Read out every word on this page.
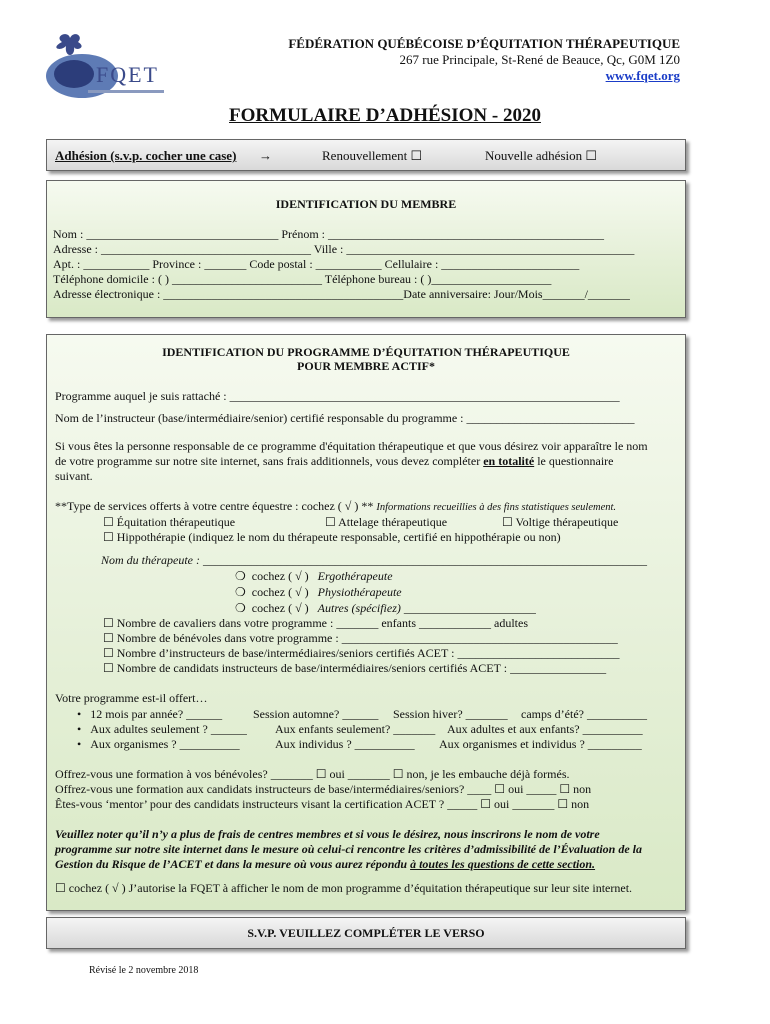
FQET
FÉDÉRATION QUÉBÉCOISE D’ÉQUITATION THÉRAPEUTIQUE
267 rue Principale, St-René de Beauce, Qc, G0M 1Z0
www.fqet.org
FORMULAIRE D’ADHÉSION - 2020
Adhésion (s.v.p. cocher une case) →	Renouvellement ☐	Nouvelle adhésion ☐
IDENTIFICATION DU MEMBRE
Nom : ________________________________ Prénom : ______________________________________________
Adresse : ___________________________________ Ville : ________________________________________________
Apt. : ___________ Province : _______ Code postal : ___________ Cellulaire : _______________________
Téléphone domicile : ( ) _________________________ Téléphone bureau : ( )____________________
Adresse électronique : ________________________________________Date anniversaire: Jour/Mois_______/_______
IDENTIFICATION DU PROGRAMME D’ÉQUITATION THÉRAPEUTIQUE
POUR MEMBRE ACTIF*
Programme auquel je suis rattaché : _________________________________________________________________
Nom de l’instructeur (base/intermédiaire/senior) certifié responsable du programme : ____________________________
Si vous êtes la personne responsable de ce programme d'équitation thérapeutique et que vous désirez voir apparaître le nom
de votre programme sur notre site internet, sans frais additionnels, vous devez compléter en totalité le questionnaire
suivant.
**Type de services offerts à votre centre équestre : cochez ( √ ) ** Informations recueillies à des fins statistiques seulement.
☐ Équitation thérapeutique	☐ Attelage thérapeutique	☐ Voltige thérapeutique
☐ Hippothérapie (indiquez le nom du thérapeute responsable, certifié en hippothérapie ou non)
Nom du thérapeute : __________________________________________________________________________
❍ cochez ( √ ) Ergothérapeute
❍ cochez ( √ ) Physiothérapeute
❍ cochez ( √ ) Autres (spécifiez) ______________________
☐ Nombre de cavaliers dans votre programme : _______ enfants ____________ adultes
☐ Nombre de bénévoles dans votre programme : ______________________________________________
☐ Nombre d’instructeurs de base/intermédiaires/seniors certifiés ACET : ___________________________
☐ Nombre de candidats instructeurs de base/intermédiaires/seniors certifiés ACET : ________________
Votre programme est-il offert…
•   12 mois par année? ______	Session automne? ______ Session hiver? _______ camps d’été? __________
•   Aux adultes seulement ? ______ Aux enfants seulement? _______ Aux adultes et aux enfants? __________
•   Aux organismes ? __________	Aux individus ? __________ Aux organismes et individus ? _________
Offrez-vous une formation à vos bénévoles? _______ ☐ oui _______ ☐ non, je les embauche déjà formés.
Offrez-vous une formation aux candidats instructeurs de base/intermédiaires/seniors? ____ ☐ oui _____ ☐ non
Êtes-vous ‘mentor’ pour des candidats instructeurs visant la certification ACET ? _____ ☐ oui _______ ☐ non
Veuillez noter qu’il n’y a plus de frais de centres membres et si vous le désirez, nous inscrirons le nom de votre
programme sur notre site internet dans le mesure où celui-ci rencontre les critères d’admissibilité de l’Évaluation de la
Gestion du Risque de l’ACET et dans la mesure où vous aurez répondu à toutes les questions de cette section.
☐ cochez ( √ ) J’autorise la FQET à afficher le nom de mon programme d’équitation thérapeutique sur leur site internet.
S.V.P. VEUILLEZ COMPLÉTER LE VERSO
Révisé le 2 novembre 2018
